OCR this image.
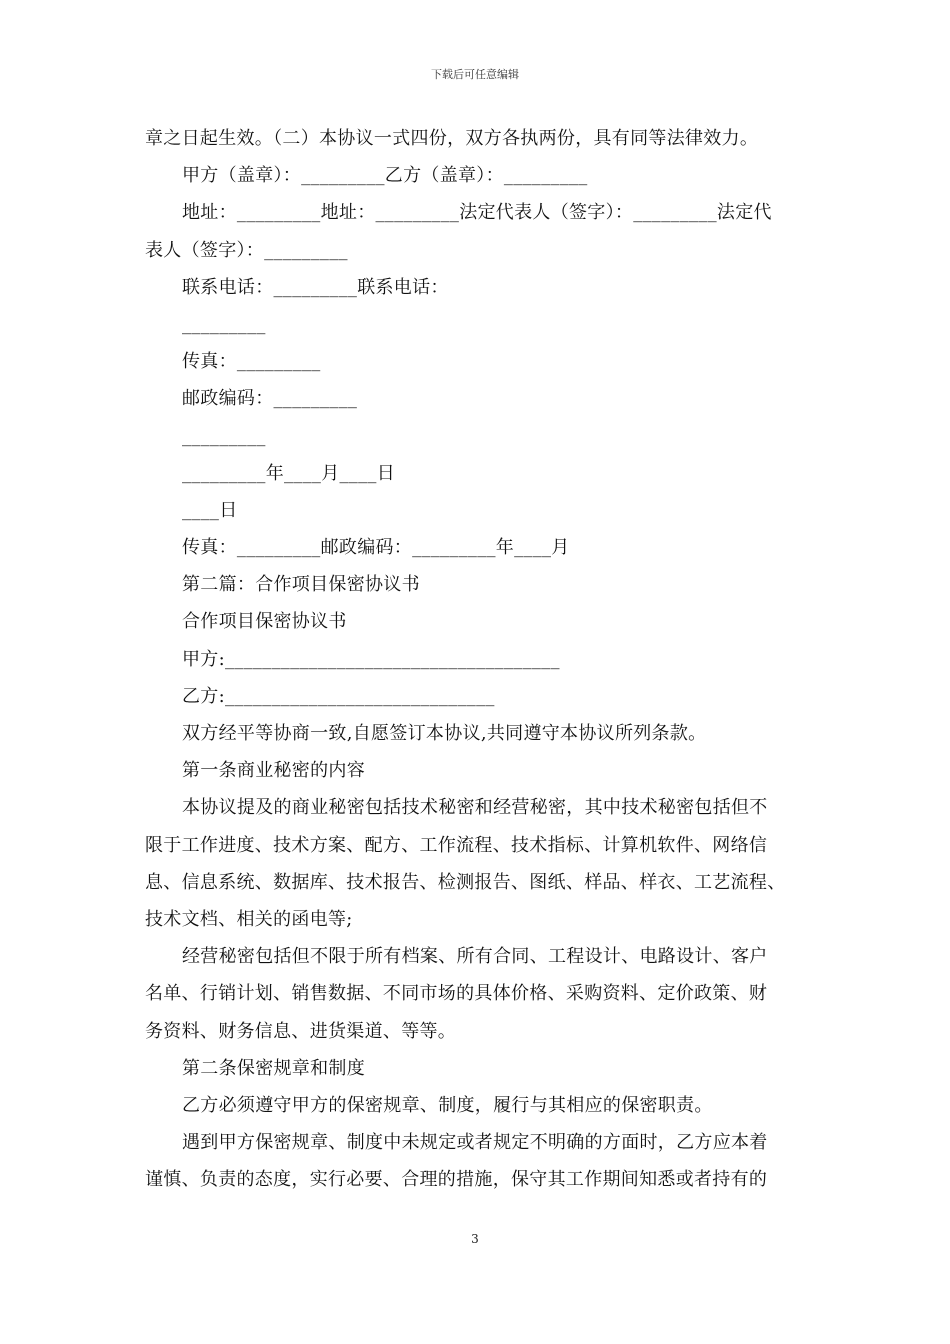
下载后可任意编辑
章之日起生效。（二）本协议一式四份，双方各执两份，具有同等法律效力。
甲方（盖章）：_________乙方（盖章）：_________
地址：_________地址：_________法定代表人（签字）：_________法定代
表人（签字）：_________
联系电话：_________联系电话：
_________
传真：_________
邮政编码：_________
_________
_________年____月____日
____日
传真：_________邮政编码：_________年____月
第二篇：合作项目保密协议书
合作项目保密协议书
甲方:____________________________________
乙方:_____________________________
双方经平等协商一致,自愿签订本协议,共同遵守本协议所列条款。
第一条商业秘密的内容
本协议提及的商业秘密包括技术秘密和经营秘密，其中技术秘密包括但不
限于工作进度、技术方案、配方、工作流程、技术指标、计算机软件、网络信
息、信息系统、数据库、技术报告、检测报告、图纸、样品、样衣、工艺流程、
技术文档、相关的函电等;
经营秘密包括但不限于所有档案、所有合同、工程设计、电路设计、客户
名单、行销计划、销售数据、不同市场的具体价格、采购资料、定价政策、财
务资料、财务信息、进货渠道、等等。
第二条保密规章和制度
乙方必须遵守甲方的保密规章、制度，履行与其相应的保密职责。
遇到甲方保密规章、制度中未规定或者规定不明确的方面时，乙方应本着
谨慎、负责的态度，实行必要、合理的措施，保守其工作期间知悉或者持有的
3
